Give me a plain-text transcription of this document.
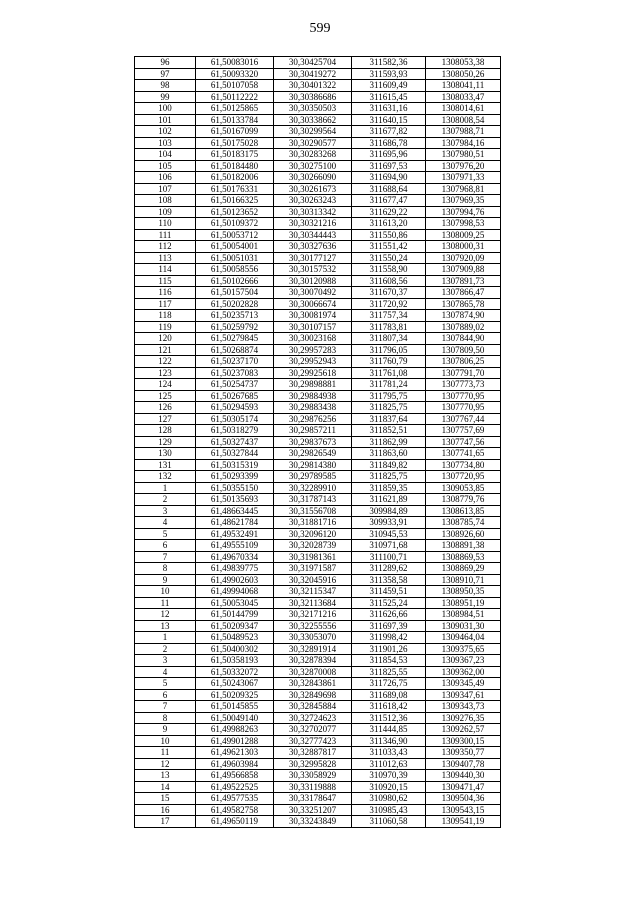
599
96	61,50083016	30,30425704	311582,36	1308053,38
97	61,50093320	30,30419272	311593,93	1308050,26
98	61,50107058	30,30401322	311609,49	1308041,11
99	61,50112222	30,30386686	311615,45	1308033,47
100	61,50125865	30,30350503	311631,16	1308014,61
101	61,50133784	30,30338662	311640,15	1308008,54
102	61,50167099	30,30299564	311677,82	1307988,71
103	61,50175028	30,30290577	311686,78	1307984,16
104	61,50183175	30,30283268	311695,96	1307980,51
105	61,50184480	30,30275100	311697,53	1307976,20
106	61,50182006	30,30266090	311694,90	1307971,33
107	61,50176331	30,30261673	311688,64	1307968,81
108	61,50166325	30,30263243	311677,47	1307969,35
109	61,50123652	30,30313342	311629,22	1307994,76
110	61,50109372	30,30321216	311613,20	1307998,53
111	61,50053712	30,30344443	311550,86	1308009,25
112	61,50054001	30,30327636	311551,42	1308000,31
113	61,50051031	30,30177127	311550,24	1307920,09
114	61,50058556	30,30157532	311558,90	1307909,88
115	61,50102666	30,30120988	311608,56	1307891,73
116	61,50157504	30,30070492	311670,37	1307866,47
117	61,50202828	30,30066674	311720,92	1307865,78
118	61,50235713	30,30081974	311757,34	1307874,90
119	61,50259792	30,30107157	311783,81	1307889,02
120	61,50279845	30,30023168	311807,34	1307844,90
121	61,50268874	30,29957283	311796,05	1307809,50
122	61,50237170	30,29952943	311760,79	1307806,25
123	61,50237083	30,29925618	311761,08	1307791,70
124	61,50254737	30,29898881	311781,24	1307773,73
125	61,50267685	30,29884938	311795,75	1307770,95
126	61,50294593	30,29883438	311825,75	1307770,95
127	61,50305174	30,29876256	311837,64	1307767,44
128	61,50318279	30,29857211	311852,51	1307757,69
129	61,50327437	30,29837673	311862,99	1307747,56
130	61,50327844	30,29826549	311863,60	1307741,65
131	61,50315319	30,29814380	311849,82	1307734,80
132	61,50293399	30,29789585	311825,75	1307720,95
1	61,50355150	30,32289910	311859,35	1309053,85
2	61,50135693	30,31787143	311621,89	1308779,76
3	61,48663445	30,31556708	309984,89	1308613,85
4	61,48621784	30,31881716	309933,91	1308785,74
5	61,49532491	30,32096120	310945,53	1308926,60
6	61,49555109	30,32028739	310971,68	1308891,38
7	61,49670334	30,31981361	311100,71	1308869,53
8	61,49839775	30,31971587	311289,62	1308869,29
9	61,49902603	30,32045916	311358,58	1308910,71
10	61,49994068	30,32115347	311459,51	1308950,35
11	61,50053045	30,32113684	311525,24	1308951,19
12	61,50144799	30,32171216	311626,66	1308984,51
13	61,50209347	30,32255556	311697,39	1309031,30
1	61,50489523	30,33053070	311998,42	1309464,04
2	61,50400302	30,32891914	311901,26	1309375,65
3	61,50358193	30,32878394	311854,53	1309367,23
4	61,50332072	30,32870008	311825,55	1309362,00
5	61,50243067	30,32843861	311726,75	1309345,49
6	61,50209325	30,32849698	311689,08	1309347,61
7	61,50145855	30,32845884	311618,42	1309343,73
8	61,50049140	30,32724623	311512,36	1309276,35
9	61,49988263	30,32702077	311444,85	1309262,57
10	61,49901288	30,32777423	311346,90	1309300,15
11	61,49621303	30,32887817	311033,43	1309350,77
12	61,49603984	30,32995828	311012,63	1309407,78
13	61,49566858	30,33058929	310970,39	1309440,30
14	61,49522525	30,33119888	310920,15	1309471,47
15	61,49577535	30,33178647	310980,62	1309504,36
16	61,49582758	30,33251207	310985,43	1309543,15
17	61,49650119	30,33243849	311060,58	1309541,19
